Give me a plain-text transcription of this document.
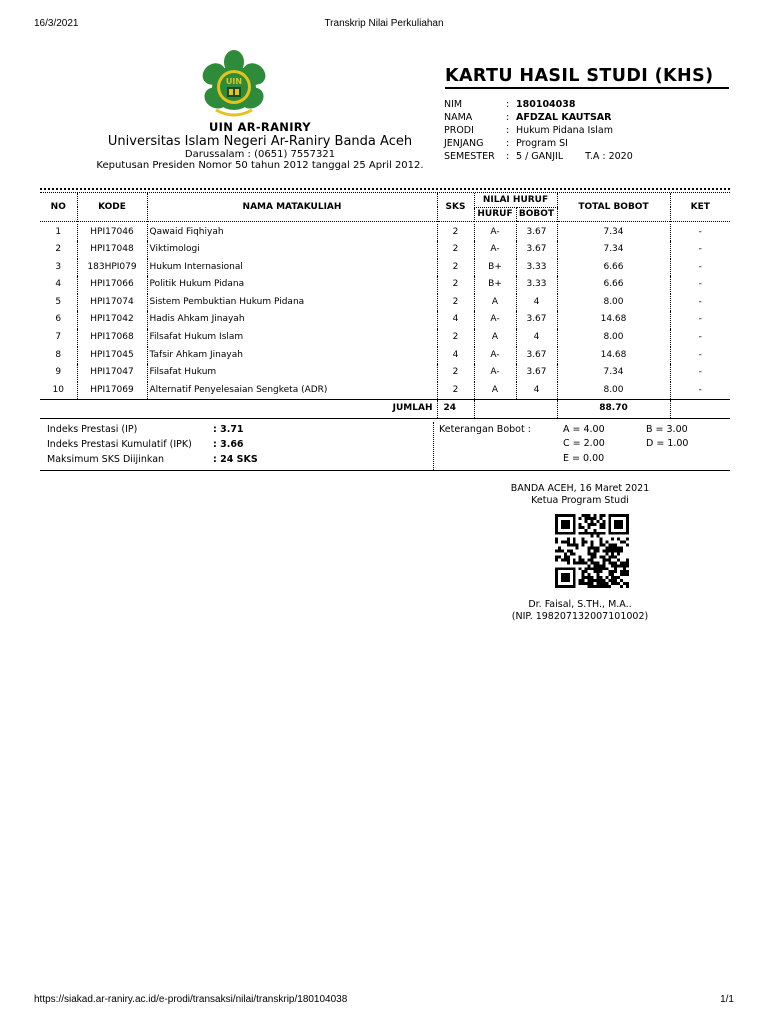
16/3/2021	Transkrip Nilai Perkuliahan
UIN
UIN AR-RANIRY
Universitas Islam Negeri Ar-Raniry Banda Aceh
Darussalam : (0651) 7557321
Keputusan Presiden Nomor 50 tahun 2012 tanggal 25 April 2012.
KARTU HASIL STUDI (KHS)
NIM	: 180104038
NAMA	: AFDZAL KAUTSAR
PRODI	: Hukum Pidana Islam
JENJANG : Program SI
SEMESTER : 5 / GANJIL T.A : 2020
NO	KODE	NAMA MATAKULIAH	SKS	NILAI HURUF		TOTAL BOBOT	KET
				HURUF	BOBOT		

1	HPI17046	Qawaid Fiqhiyah	2	A-	3.67	7.34	-
2	HPI17048	Viktimologi	2	A-	3.67	7.34	-
3	183HPI079	Hukum Internasional	2	B+	3.33	6.66	-
4	HPI17066	Politik Hukum Pidana	2	B+	3.33	6.66	-
5	HPI17074	Sistem Pembuktian Hukum Pidana	2	A	4	8.00	-
6	HPI17042	Hadis Ahkam Jinayah	4	A-	3.67	14.68	-
7	HPI17068	Filsafat Hukum Islam	2	A	4	8.00	-
8	HPI17045	Tafsir Ahkam Jinayah	4	A-	3.67	14.68	-
9	HPI17047	Filsafat Hukum	2	A-	3.67	7.34	-
10	HPI17069	Alternatif Penyelesaian Sengketa (ADR)	2	A	4	8.00	-
JUMLAH			24			88.70	
Indeks Prestasi (IP)	: 3.71
Indeks Prestasi Kumulatif (IPK) : 3.66
Maksimum SKS Diijinkan	: 24 SKS
Keterangan Bobot :	A = 4.00	B = 3.00
C = 2.00	D = 1.00
E = 0.00
BANDA ACEH, 16 Maret 2021
Ketua Program Studi
Dr. Faisal, S.TH., M.A..
(NIP. 198207132007101002)
https://siakad.ar-raniry.ac.id/e-prodi/transaksi/nilai/transkrip/180104038	1/1
